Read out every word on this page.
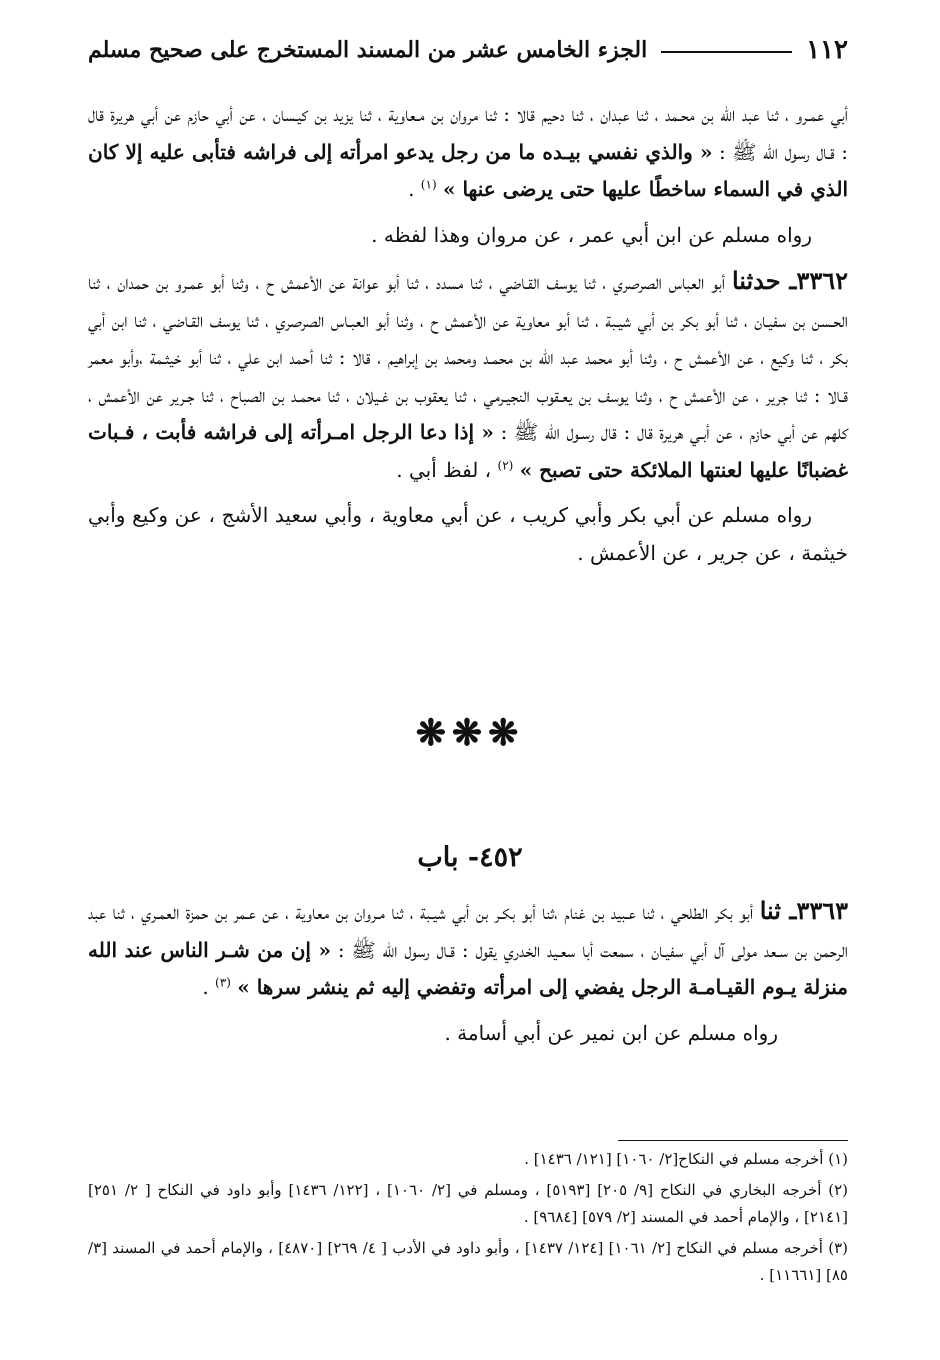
١١٢
الجزء الخامس عشر من المسند المستخرج على صحيح مسلم

أبي عمـرو ، ثنا عبد الله بن محـمد ، ثنا عبدان ، ثنا دحيم قالا : ثنا مروان بن مـعاوية ، ثنا يزيد بن كيـسان ، عن أبي حازم عن أبي هريرة قال : قـال رسول الله ﷺ : « والذي نفسي بيـده ما من رجل يدعو امرأته إلى فراشه فتأبى عليه إلا كان الذي في السماء ساخطًا عليها حتى يرضى عنها » $^{(١)}$ .

رواه مسلم عن ابن أبي عمر ، عن مروان وهذا لفظه .

٣٣٦٢ـ حدثنا أبو العباس الصرصري ، ثنا يوسف القـاضي ، ثنا مسدد ، ثنا أبو عوانة عن الأعمش ح ، وثنا أبو عمـرو بن حمدان ، ثنا الحـسن بن سفيـان ، ثنا أبو بكر بن أبي شيـبة ، ثنا أبو معاوية عن الأعمش ح ، وثنا أبو العبـاس الصرصري ، ثنا يوسف القـاضي ، ثنا ابن أبي بكر ، ثنا وكيع ، عن الأعمش ح ، وثنا أبو محمد عبد الله بن محمـد ومحمد بن إبراهيم ، قالا : ثنا أحمد ابن علي ، ثنا أبو خيثـمة ،وأبو معمر قـالا : ثنا جرير ، عن الأعمش ح ، وثنا يوسف بن يعـقوب النجيـرمي ، ثنا يعقوب بن غـيلان ، ثنا محمـد بن الصباح ، ثنا جـرير عن الأعمش ، كلهم عن أبي حازم ، عن أبـي هريرة قال : قال رسـول الله ﷺ : « إذا دعا الرجل امـرأته إلى فراشه فأبت ، فـبات غضبانًا عليها لعنتها الملائكة حتى تصبح » $^{(٢)}$ ، لفظ أبي .

رواه مسلم عن أبي بكر وأبي كريب ، عن أبي معاوية ، وأبي سعيد الأشج ، عن وكيع وأبي خيثمة ، عن جرير ، عن الأعمش .

❋❋❋
٤٥٢- باب

٣٣٦٣ـ ثنا أبو بكر الطلحي ، ثنا عـبيد بن غنام ،ثنا أبو بكـر بن أبي شيـبة ، ثنا مـروان بن معاوية ، عن عـمر بن حمزة العمـري ، ثنا عبد الرحمن بن سـعد مولى آل أبي سفيـان ، سمعت أبا سعـيد الخدري يقول : قـال رسول الله ﷺ : « إن من شـر الناس عند الله منزلة يـوم القيـامـة الرجل يفضي إلى امرأته وتفضي إليه ثم ينشر سرها » $^{(٣)}$ .

رواه مسلم عن ابن نمير عن أبي أسامة .

(١) أخرجه مسلم في النكاح[٢/ ١٠٦٠] [١٢١/ ١٤٣٦] .

(٢) أخرجه البخاري في النكاح [٩/ ٢٠٥] [٥١٩٣] ، ومسلم في [٢/ ١٠٦٠] ، [١٢٢/ ١٤٣٦] وأبو داود في النكاح [ ٢/ ٢٥١] [٢١٤١] ، والإمام أحمد في المسند [٢/ ٥٧٩] [٩٦٨٤] .

(٣) أخرجه مسلم في النكاح [٢/ ١٠٦١] [١٢٤/ ١٤٣٧] ، وأبو داود في الأدب [ ٤/ ٢٦٩] [٤٨٧٠] ، والإمام أحمد في المسند [٣/ ٨٥] [١١٦٦١] .
